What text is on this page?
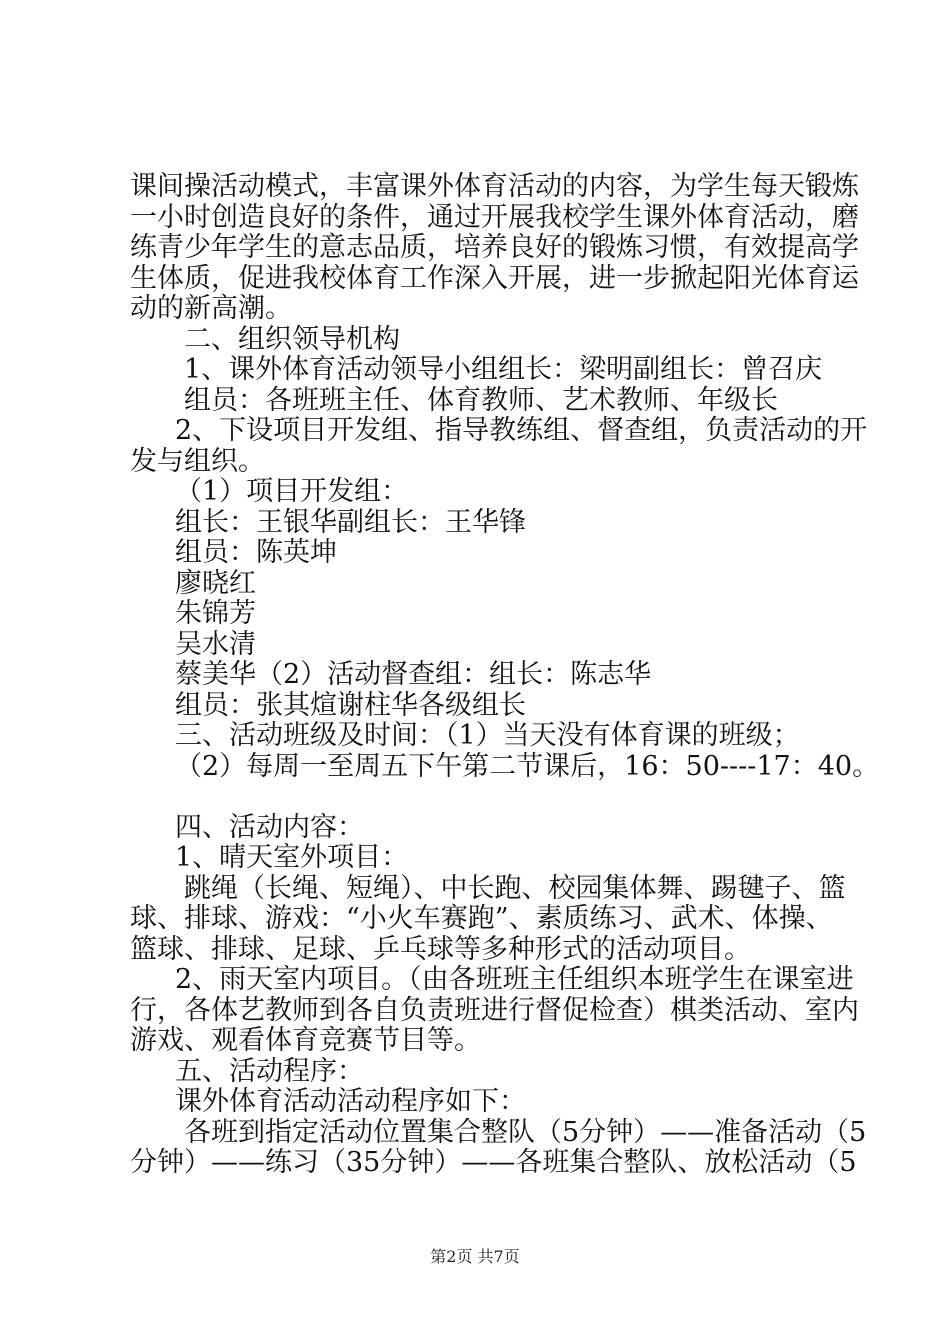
课间操活动模式，丰富课外体育活动的内容，为学生每天锻炼

一小时创造良好的条件，通过开展我校学生课外体育活动，磨

练青少年学生的意志品质，培养良好的锻炼习惯，有效提高学

生体质，促进我校体育工作深入开展，进一步掀起阳光体育运

动的新高潮。

二、组织领导机构

1、课外体育活动领导小组组长：梁明副组长：曾召庆

组员：各班班主任、体育教师、艺术教师、年级长

2、下设项目开发组、指导教练组、督查组，负责活动的开

发与组织。

（1）项目开发组：

组长：王银华副组长：王华锋

组员：陈英坤

廖晓红

朱锦芳

吴水清

蔡美华（2）活动督查组：组长：陈志华

组员：张其煊谢柱华各级组长

三、活动班级及时间：（1）当天没有体育课的班级；

（2）每周一至周五下午第二节课后，16：50----17：40。

四、活动内容：

1、晴天室外项目：

跳绳（长绳、短绳）、中长跑、校园集体舞、踢毽子、篮

球、排球、游戏：“小火车赛跑”、素质练习、武术、体操、

篮球、排球、足球、乒乓球等多种形式的活动项目。

2、雨天室内项目。（由各班班主任组织本班学生在课室进

行，各体艺教师到各自负责班进行督促检查）棋类活动、室内

游戏、观看体育竞赛节目等。

五、活动程序：

课外体育活动活动程序如下：

各班到指定活动位置集合整队（5分钟）——准备活动（5

分钟）——练习（35分钟）——各班集合整队、放松活动（5

第2页 共7页
